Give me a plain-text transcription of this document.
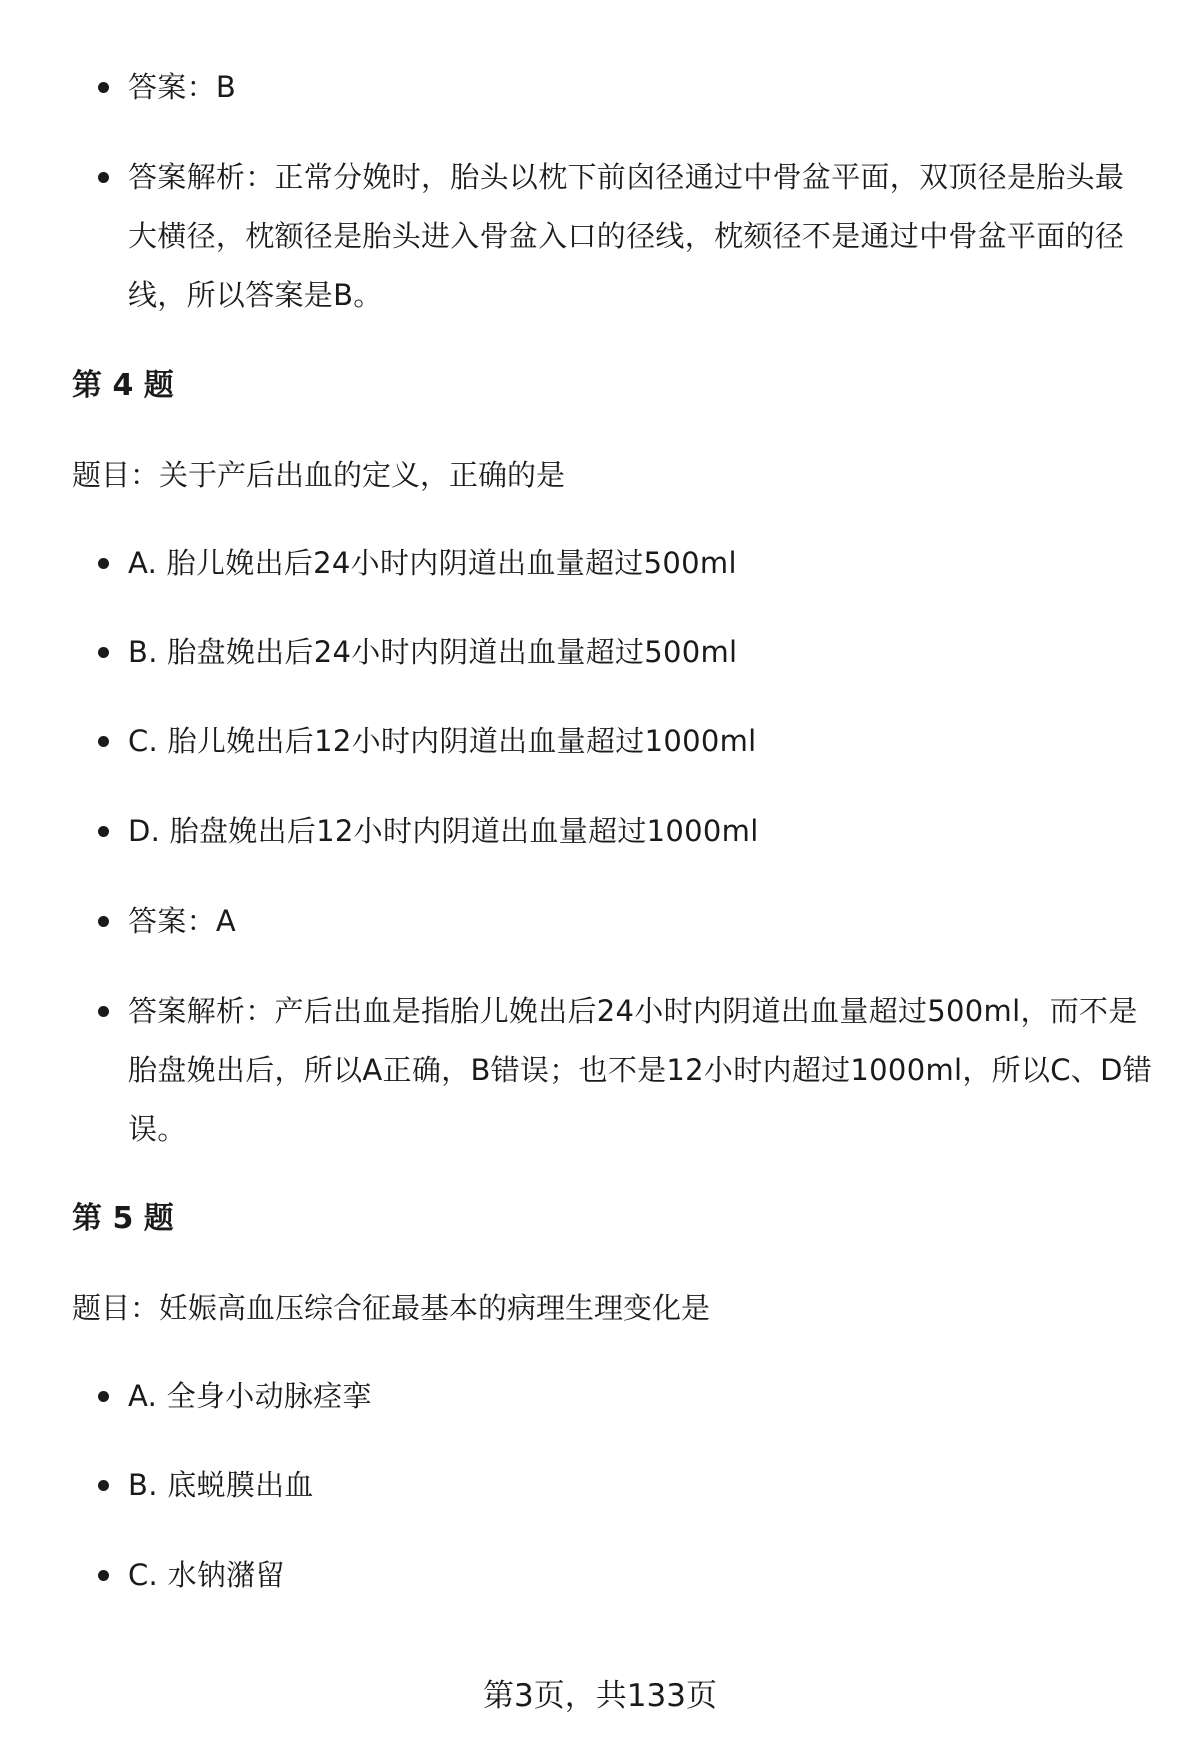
答案：B
答案解析：正常分娩时，胎头以枕下前囟径通过中骨盆平面，双顶径是胎头最大横径，枕额径是胎头进入骨盆入口的径线，枕颏径不是通过中骨盆平面的径线，所以答案是B。
第 4 题
题目：关于产后出血的定义，正确的是
A. 胎儿娩出后24小时内阴道出血量超过500ml
B. 胎盘娩出后24小时内阴道出血量超过500ml
C. 胎儿娩出后12小时内阴道出血量超过1000ml
D. 胎盘娩出后12小时内阴道出血量超过1000ml
答案：A
答案解析：产后出血是指胎儿娩出后24小时内阴道出血量超过500ml，而不是胎盘娩出后，所以A正确，B错误；也不是12小时内超过1000ml，所以C、D错误。
第 5 题
题目：妊娠高血压综合征最基本的病理生理变化是
A. 全身小动脉痉挛
B. 底蜕膜出血
C. 水钠潴留
第3页，共133页
